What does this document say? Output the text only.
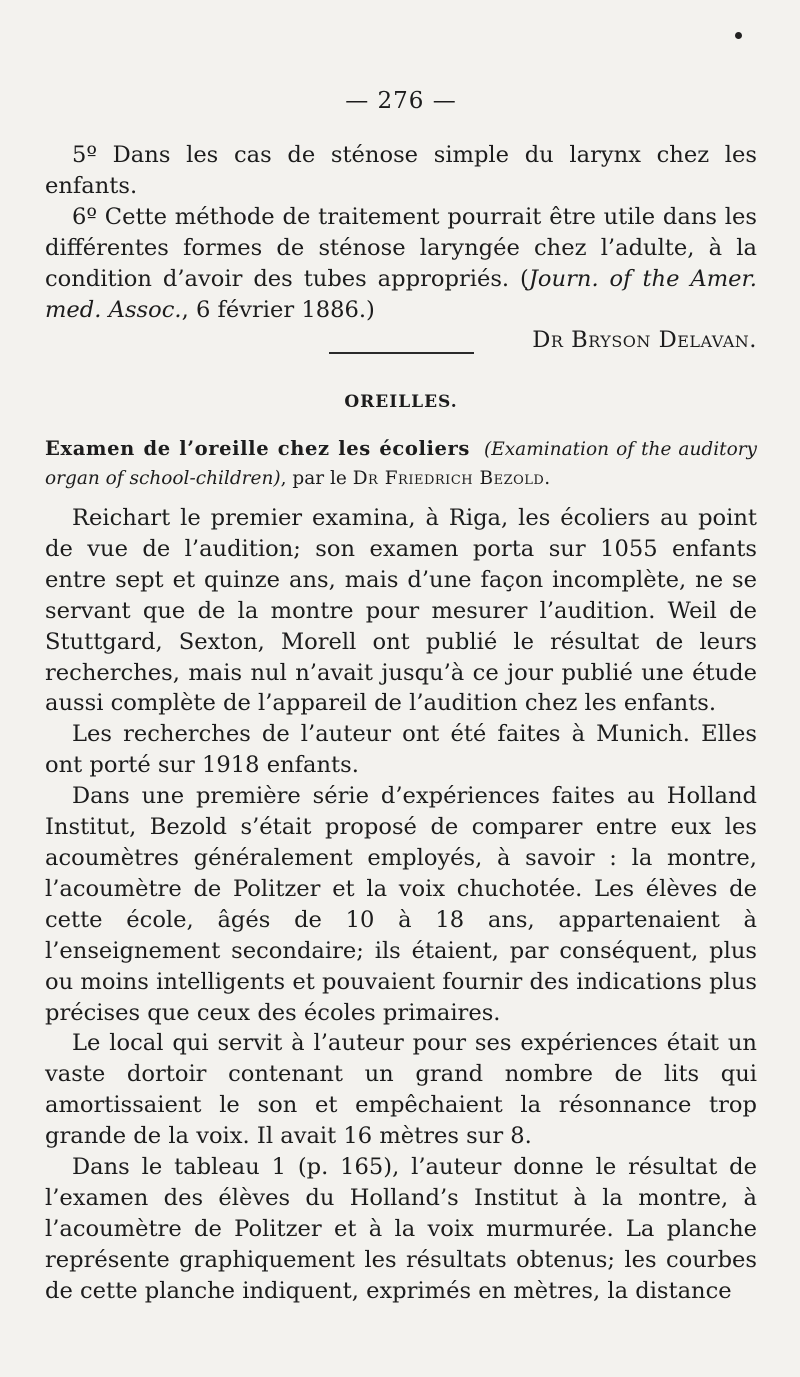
— 276 —

5º Dans les cas de sténose simple du larynx chez les enfants.

6º Cette méthode de traitement pourrait être utile dans les différentes formes de sténose laryngée chez l’adulte, à la condition d’avoir des tubes appropriés. (Journ. of the Amer. med. Assoc., 6 février 1886.)

Dr Bryson Delavan.
OREILLES.
Examen de l’oreille chez les écoliers (Examination of the auditory organ of school-children), par le Dr Friedrich Bezold.

Reichart le premier examina, à Riga, les écoliers au point de vue de l’audition; son examen porta sur 1055 enfants entre sept et quinze ans, mais d’une façon incomplète, ne se servant que de la montre pour mesurer l’audition. Weil de Stuttgard, Sexton, Morell ont publié le résultat de leurs recherches, mais nul n’avait jusqu’à ce jour publié une étude aussi complète de l’appareil de l’audition chez les enfants.

Les recherches de l’auteur ont été faites à Munich. Elles ont porté sur 1918 enfants.

Dans une première série d’expériences faites au Holland Institut, Bezold s’était proposé de comparer entre eux les acoumètres généralement employés, à savoir : la montre, l’acoumètre de Politzer et la voix chuchotée. Les élèves de cette école, âgés de 10 à 18 ans, appartenaient à l’enseignement secondaire; ils étaient, par conséquent, plus ou moins intelligents et pouvaient fournir des indications plus précises que ceux des écoles primaires.

Le local qui servit à l’auteur pour ses expériences était un vaste dortoir contenant un grand nombre de lits qui amortissaient le son et empêchaient la résonnance trop grande de la voix. Il avait 16 mètres sur 8.

Dans le tableau 1 (p. 165), l’auteur donne le résultat de l’examen des élèves du Holland’s Institut à la montre, à l’acoumètre de Politzer et à la voix murmurée. La planche représente graphiquement les résultats obtenus; les courbes de cette planche indiquent, exprimés en mètres, la distance
